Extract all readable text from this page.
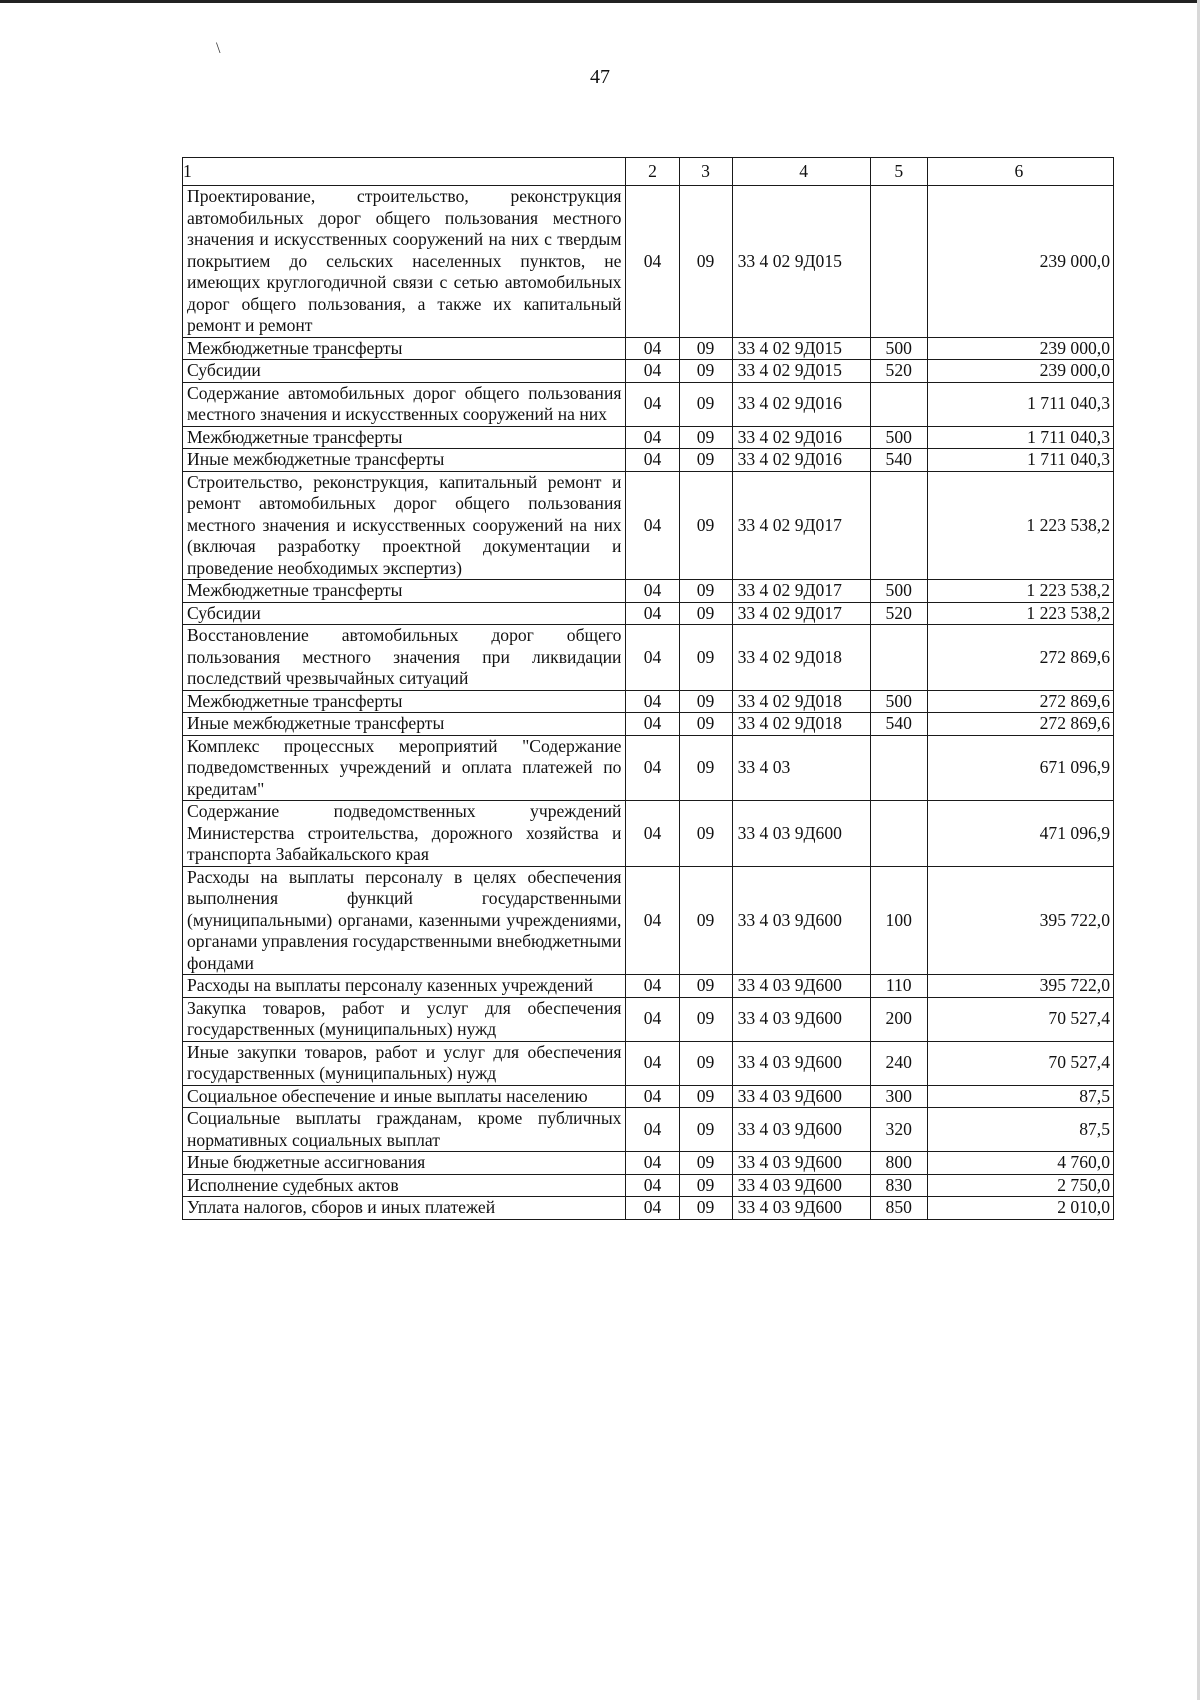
\
47
1	2	3	4	5	6
Проектирование, строительство, реконструкция автомобильных дорог общего пользования местного значения и искусственных сооружений на них с твердым покрытием до сельских населенных пунктов, не имеющих круглогодичной связи с сетью автомобильных дорог общего пользования, а также их капитальный ремонт и ремонт	04	09	33 4 02 9Д015		239 000,0
Межбюджетные трансферты	04	09	33 4 02 9Д015	500	239 000,0
Субсидии	04	09	33 4 02 9Д015	520	239 000,0
Содержание автомобильных дорог общего пользования местного значения и искусственных сооружений на них	04	09	33 4 02 9Д016		1 711 040,3
Межбюджетные трансферты	04	09	33 4 02 9Д016	500	1 711 040,3
Иные межбюджетные трансферты	04	09	33 4 02 9Д016	540	1 711 040,3
Строительство, реконструкция, капитальный ремонт и ремонт автомобильных дорог общего пользования местного значения и искусственных сооружений на них (включая разработку проектной документации и проведение необходимых экспертиз)	04	09	33 4 02 9Д017		1 223 538,2
Межбюджетные трансферты	04	09	33 4 02 9Д017	500	1 223 538,2
Субсидии	04	09	33 4 02 9Д017	520	1 223 538,2
Восстановление автомобильных дорог общего пользования местного значения при ликвидации последствий чрезвычайных ситуаций	04	09	33 4 02 9Д018		272 869,6
Межбюджетные трансферты	04	09	33 4 02 9Д018	500	272 869,6
Иные межбюджетные трансферты	04	09	33 4 02 9Д018	540	272 869,6
Комплекс процессных мероприятий "Содержание подведомственных учреждений и оплата платежей по кредитам"	04	09	33 4 03		671 096,9
Содержание подведомственных учреждений Министерства строительства, дорожного хозяйства и транспорта Забайкальского края	04	09	33 4 03 9Д600		471 096,9
Расходы на выплаты персоналу в целях обеспечения выполнения функций государственными (муниципальными) органами, казенными учреждениями, органами управления государственными внебюджетными фондами	04	09	33 4 03 9Д600	100	395 722,0
Расходы на выплаты персоналу казенных учреждений	04	09	33 4 03 9Д600	110	395 722,0
Закупка товаров, работ и услуг для обеспечения государственных (муниципальных) нужд	04	09	33 4 03 9Д600	200	70 527,4
Иные закупки товаров, работ и услуг для обеспечения государственных (муниципальных) нужд	04	09	33 4 03 9Д600	240	70 527,4
Социальное обеспечение и иные выплаты населению	04	09	33 4 03 9Д600	300	87,5
Социальные выплаты гражданам, кроме публичных нормативных социальных выплат	04	09	33 4 03 9Д600	320	87,5
Иные бюджетные ассигнования	04	09	33 4 03 9Д600	800	4 760,0
Исполнение судебных актов	04	09	33 4 03 9Д600	830	2 750,0
Уплата налогов, сборов и иных платежей	04	09	33 4 03 9Д600	850	2 010,0
